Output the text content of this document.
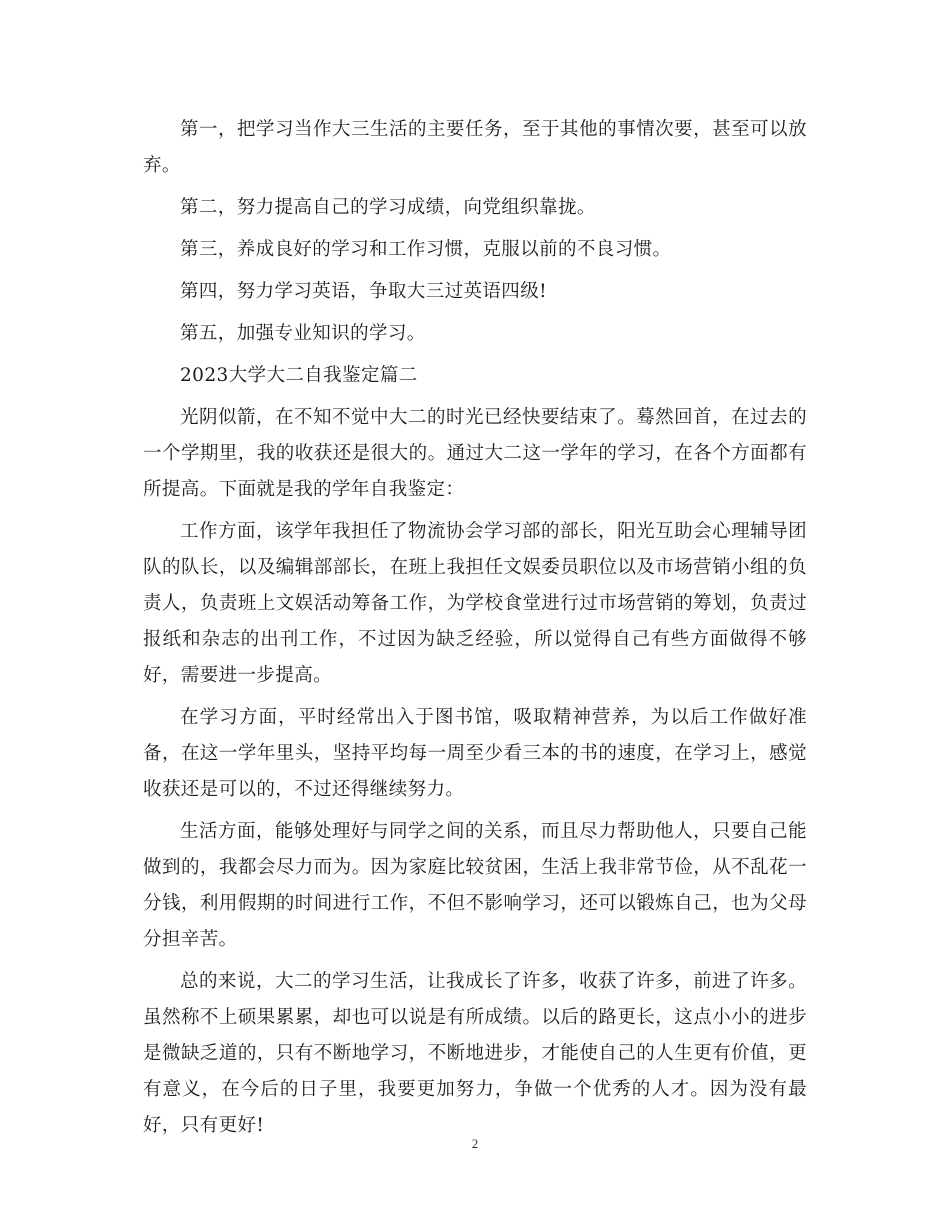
第一，把学习当作大三生活的主要任务，至于其他的事情次要，甚至可以放弃。

第二，努力提高自己的学习成绩，向党组织靠拢。

第三，养成良好的学习和工作习惯，克服以前的不良习惯。

第四，努力学习英语，争取大三过英语四级!

第五，加强专业知识的学习。

2023大学大二自我鉴定篇二

光阴似箭，在不知不觉中大二的时光已经快要结束了。蓦然回首，在过去的一个学期里，我的收获还是很大的。通过大二这一学年的学习，在各个方面都有所提高。下面就是我的学年自我鉴定：

工作方面，该学年我担任了物流协会学习部的部长，阳光互助会心理辅导团队的队长，以及编辑部部长，在班上我担任文娱委员职位以及市场营销小组的负责人，负责班上文娱活动筹备工作，为学校食堂进行过市场营销的筹划，负责过报纸和杂志的出刊工作，不过因为缺乏经验，所以觉得自己有些方面做得不够好，需要进一步提高。

在学习方面，平时经常出入于图书馆，吸取精神营养，为以后工作做好准备，在这一学年里头，坚持平均每一周至少看三本的书的速度，在学习上，感觉收获还是可以的，不过还得继续努力。

生活方面，能够处理好与同学之间的关系，而且尽力帮助他人，只要自己能做到的，我都会尽力而为。因为家庭比较贫困，生活上我非常节俭，从不乱花一分钱，利用假期的时间进行工作，不但不影响学习，还可以锻炼自己，也为父母分担辛苦。

总的来说，大二的学习生活，让我成长了许多，收获了许多，前进了许多。虽然称不上硕果累累，却也可以说是有所成绩。以后的路更长，这点小小的进步是微缺乏道的，只有不断地学习，不断地进步，才能使自己的人生更有价值，更有意义，在今后的日子里，我要更加努力，争做一个优秀的人才。因为没有最好，只有更好!

2
